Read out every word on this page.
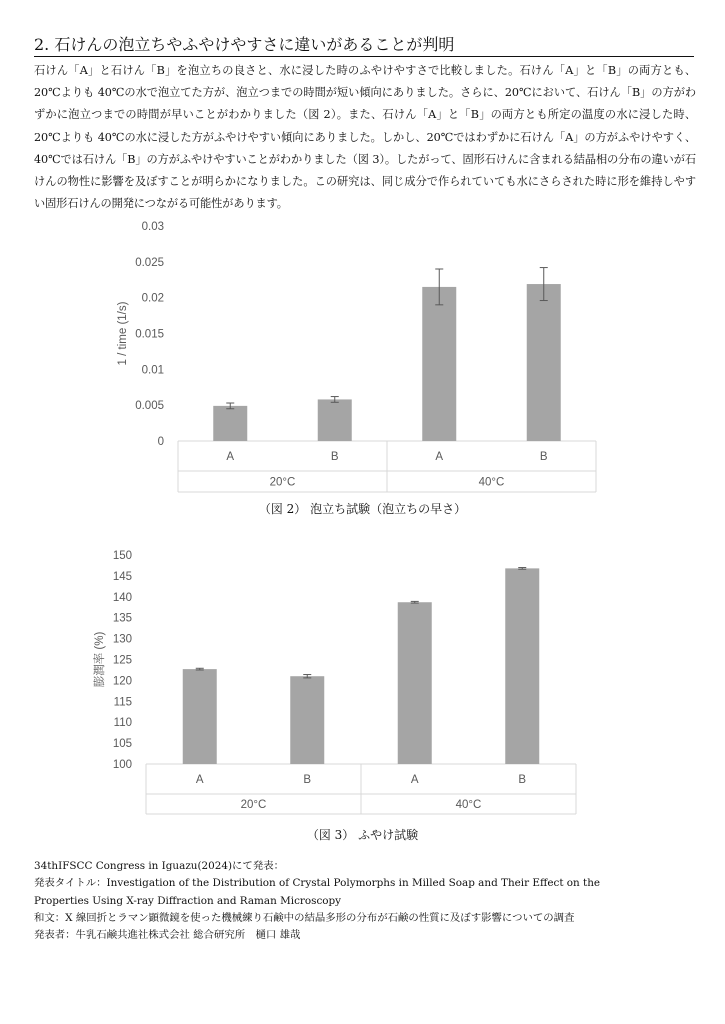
2. 石けんの泡立ちやふやけやすさに違いがあることが判明

石けん「A」と石けん「B」を泡立ちの良さと、水に浸した時のふやけやすさで比較しました。石けん「A」と「B」の両方とも、20℃よりも 40℃の水で泡立てた方が、泡立つまでの時間が短い傾向にありました。さらに、20℃において、石けん「B」の方がわずかに泡立つまでの時間が早いことがわかりました（図 2）。また、石けん「A」と「B」の両方とも所定の温度の水に浸した時、20℃よりも 40℃の水に浸した方がふやけやすい傾向にありました。しかし、20℃ではわずかに石けん「A」の方がふやけやすく、40℃では石けん「B」の方がふやけやすいことがわかりました（図 3）。したがって、固形石けんに含まれる結晶相の分布の違いが石けんの物性に影響を及ぼすことが明らかになりました。この研究は、同じ成分で作られていても水にさらされた時に形を維持しやすい固形石けんの開発につながる可能性があります。

0
0.005
0.01
0.015
0.02
0.025
0.03
1 / time (1/s)
A	B	A	B
20°C	40°C

（図 2） 泡立ち試験（泡立ちの早さ）

100
105
110
115
120
125
130
135
140
145
150
膨潤率 (%)
A	B	A	B
20°C	40°C

（図 3） ふやけ試験

34thIFSCC Congress in Iguazu(2024)にて発表：
発表タイトル：Investigation of the Distribution of Crystal Polymorphs in Milled Soap and Their Effect on the
Properties Using X-ray Diffraction and Raman Microscopy
和文：X 線回折とラマン顕微鏡を使った機械練り石鹸中の結晶多形の分布が石鹸の性質に及ぼす影響についての調査
発表者：牛乳石鹸共進社株式会社 総合研究所　樋口 雄哉
